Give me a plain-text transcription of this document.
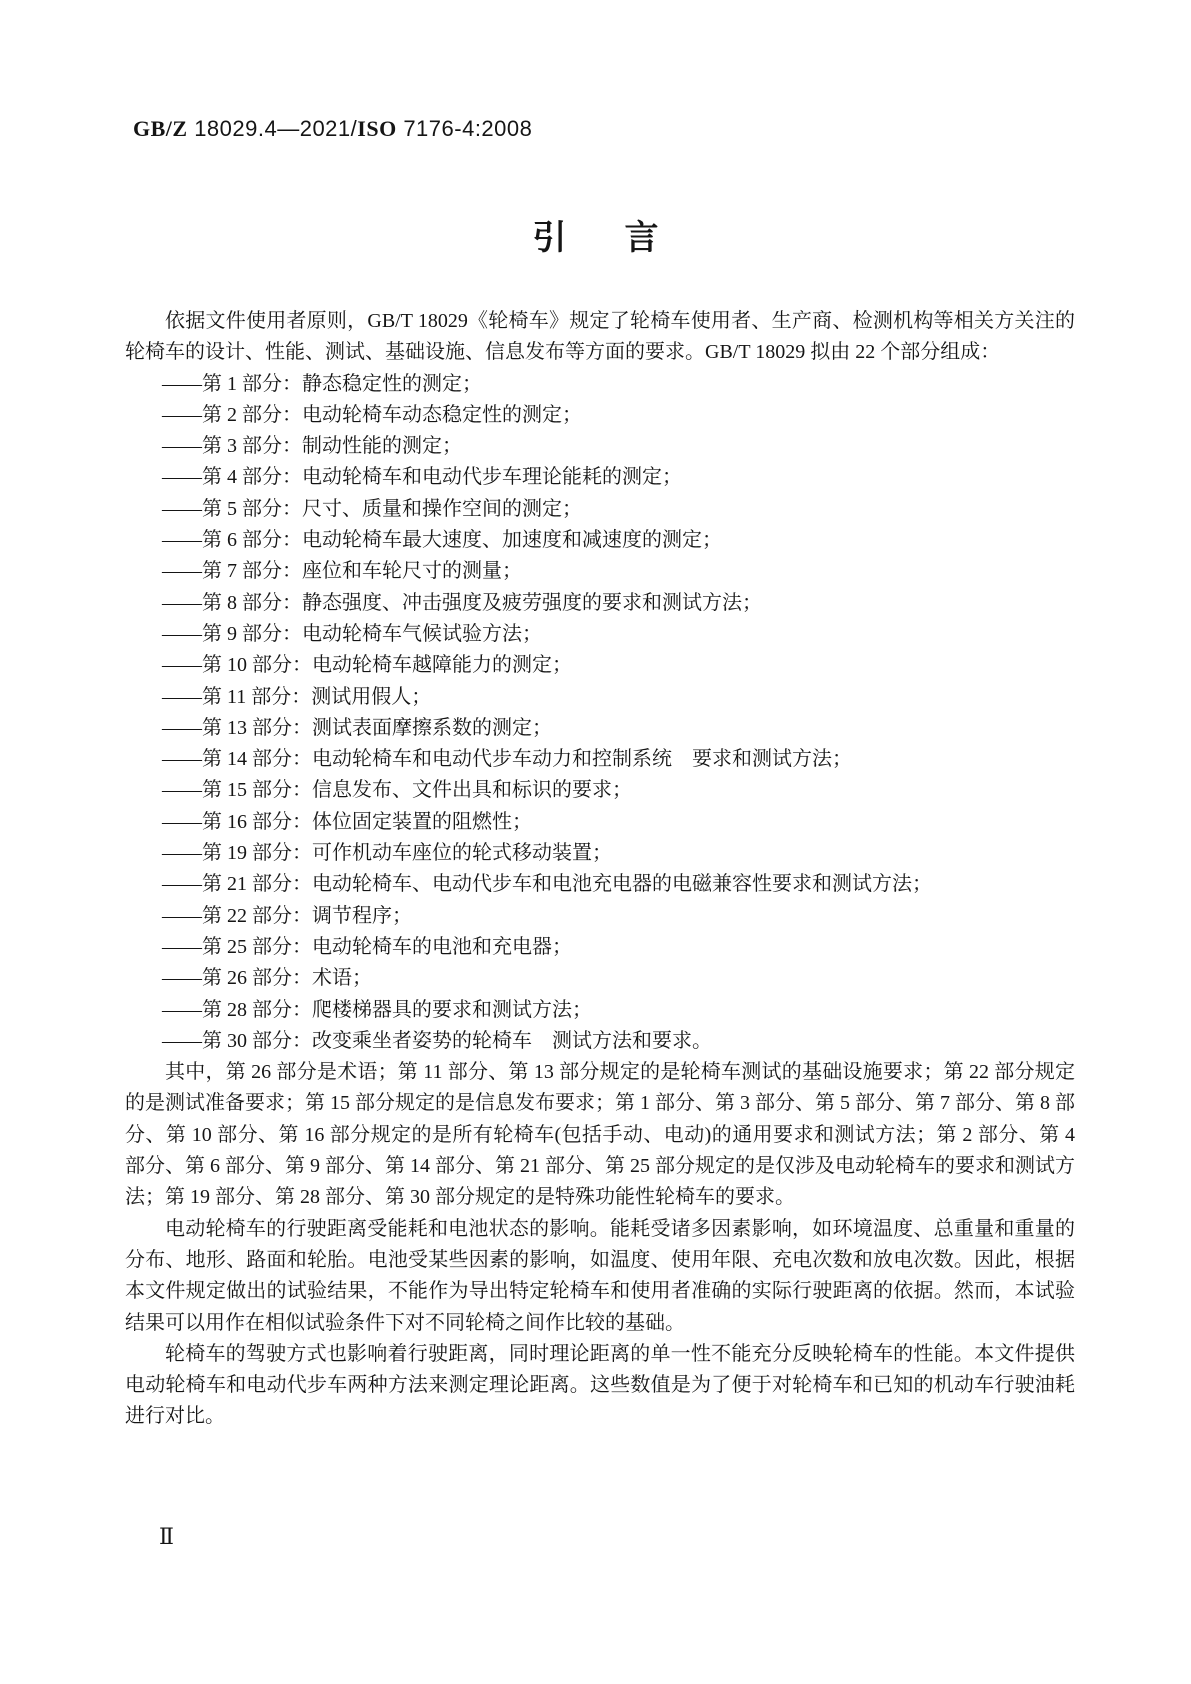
GB/Z 18029.4—2021/ISO 7176-4:2008
引　言

依据文件使用者原则，GB/T 18029《轮椅车》规定了轮椅车使用者、生产商、检测机构等相关方关注的轮椅车的设计、性能、测试、基础设施、信息发布等方面的要求。GB/T 18029 拟由 22 个部分组成：

——第 1 部分：静态稳定性的测定；
——第 2 部分：电动轮椅车动态稳定性的测定；
——第 3 部分：制动性能的测定；
——第 4 部分：电动轮椅车和电动代步车理论能耗的测定；
——第 5 部分：尺寸、质量和操作空间的测定；
——第 6 部分：电动轮椅车最大速度、加速度和减速度的测定；
——第 7 部分：座位和车轮尺寸的测量；
——第 8 部分：静态强度、冲击强度及疲劳强度的要求和测试方法；
——第 9 部分：电动轮椅车气候试验方法；
——第 10 部分：电动轮椅车越障能力的测定；
——第 11 部分：测试用假人；
——第 13 部分：测试表面摩擦系数的测定；
——第 14 部分：电动轮椅车和电动代步车动力和控制系统　要求和测试方法；
——第 15 部分：信息发布、文件出具和标识的要求；
——第 16 部分：体位固定装置的阻燃性；
——第 19 部分：可作机动车座位的轮式移动装置；
——第 21 部分：电动轮椅车、电动代步车和电池充电器的电磁兼容性要求和测试方法；
——第 22 部分：调节程序；
——第 25 部分：电动轮椅车的电池和充电器；
——第 26 部分：术语；
——第 28 部分：爬楼梯器具的要求和测试方法；
——第 30 部分：改变乘坐者姿势的轮椅车　测试方法和要求。

其中，第 26 部分是术语；第 11 部分、第 13 部分规定的是轮椅车测试的基础设施要求；第 22 部分规定的是测试准备要求；第 15 部分规定的是信息发布要求；第 1 部分、第 3 部分、第 5 部分、第 7 部分、第 8 部分、第 10 部分、第 16 部分规定的是所有轮椅车(包括手动、电动)的通用要求和测试方法；第 2 部分、第 4 部分、第 6 部分、第 9 部分、第 14 部分、第 21 部分、第 25 部分规定的是仅涉及电动轮椅车的要求和测试方法；第 19 部分、第 28 部分、第 30 部分规定的是特殊功能性轮椅车的要求。

电动轮椅车的行驶距离受能耗和电池状态的影响。能耗受诸多因素影响，如环境温度、总重量和重量的分布、地形、路面和轮胎。电池受某些因素的影响，如温度、使用年限、充电次数和放电次数。因此，根据本文件规定做出的试验结果，不能作为导出特定轮椅车和使用者准确的实际行驶距离的依据。然而，本试验结果可以用作在相似试验条件下对不同轮椅之间作比较的基础。

轮椅车的驾驶方式也影响着行驶距离，同时理论距离的单一性不能充分反映轮椅车的性能。本文件提供电动轮椅车和电动代步车两种方法来测定理论距离。这些数值是为了便于对轮椅车和已知的机动车行驶油耗进行对比。

Ⅱ
